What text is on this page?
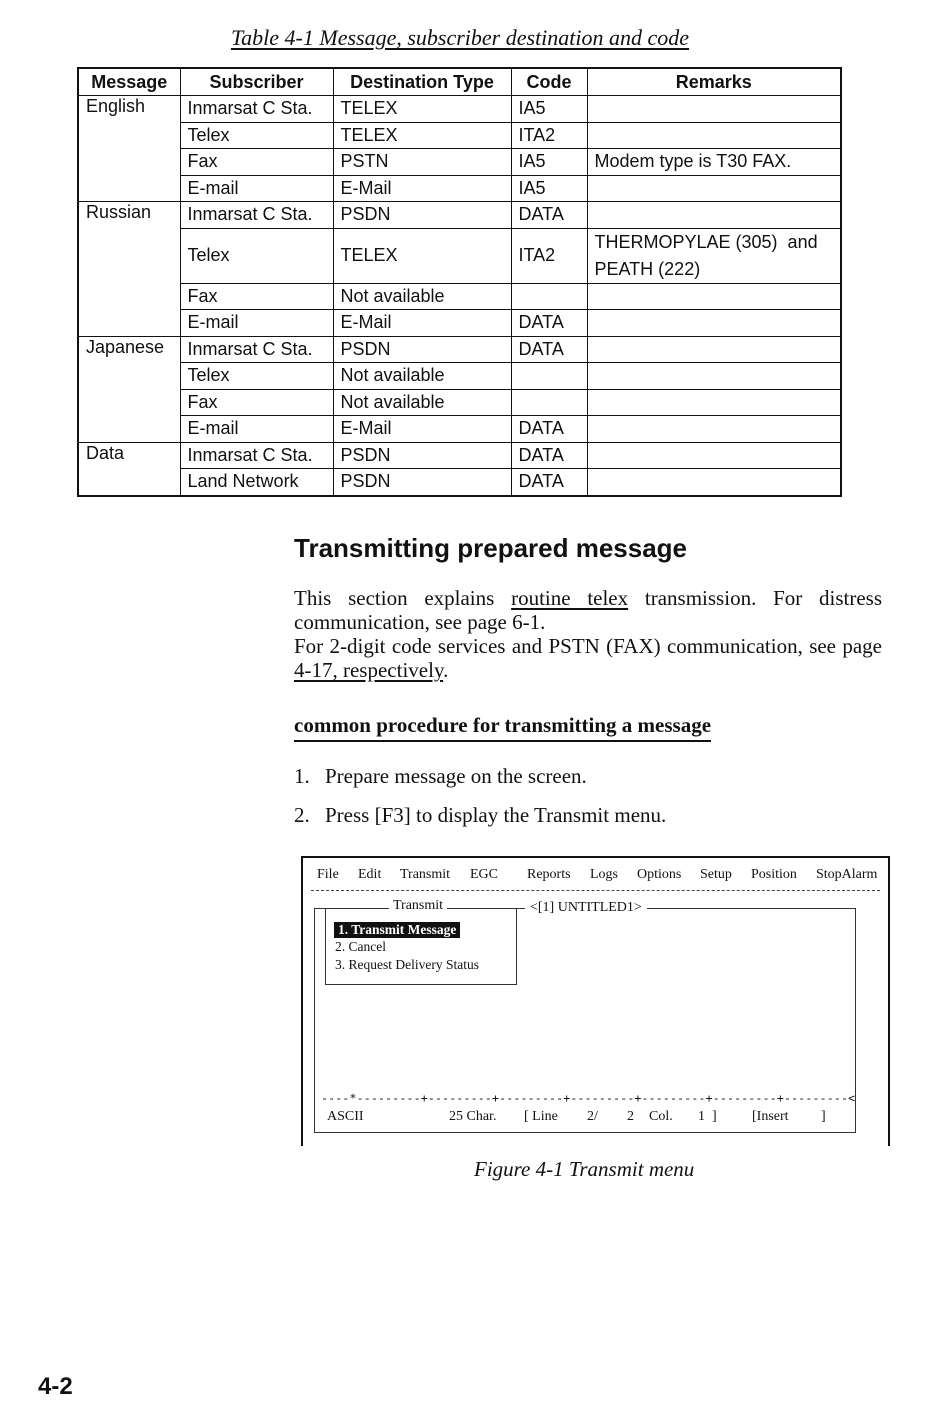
Table 4-1 Message, subscriber destination and code
Message	Subscriber	Destination Type	Code	Remarks
English	Inmarsat C Sta.	TELEX	IA5	
	Telex	TELEX	ITA2	
	Fax	PSTN	IA5	Modem type is T30 FAX.
	E-mail	E-Mail	IA5	
Russian	Inmarsat C Sta.	PSDN	DATA	
	Telex	TELEX	ITA2	THERMOPYLAE (305)  and
PEATH (222)
	Fax	Not available		
	E-mail	E-Mail	DATA	
Japanese	Inmarsat C Sta.	PSDN	DATA	
	Telex	Not available		
	Fax	Not available		
	E-mail	E-Mail	DATA	
Data	Inmarsat C Sta.	PSDN	DATA	
	Land Network	PSDN	DATA	
Transmitting prepared message
This section explains routine telex transmission. For distress communication, see page 6-1.
For 2-digit code services and PSTN (FAX) communication, see page 4-17, respectively.
common procedure for transmitting a message
1. Prepare message on the screen.
2. Press [F3] to display the Transmit menu.
File Edit Transmit EGC Reports Logs Options Setup Position StopAlarm
<[1] UNTITLED1>
Transmit
1. Transmit Message
2. Cancel
3. Request Delivery Status
----*---------+---------+---------+---------+---------+---------+---------<
ASCII	25 Char. [ Line 2/ 2 Col. 1  ]	[Insert ]
Figure 4-1 Transmit menu
4-2
